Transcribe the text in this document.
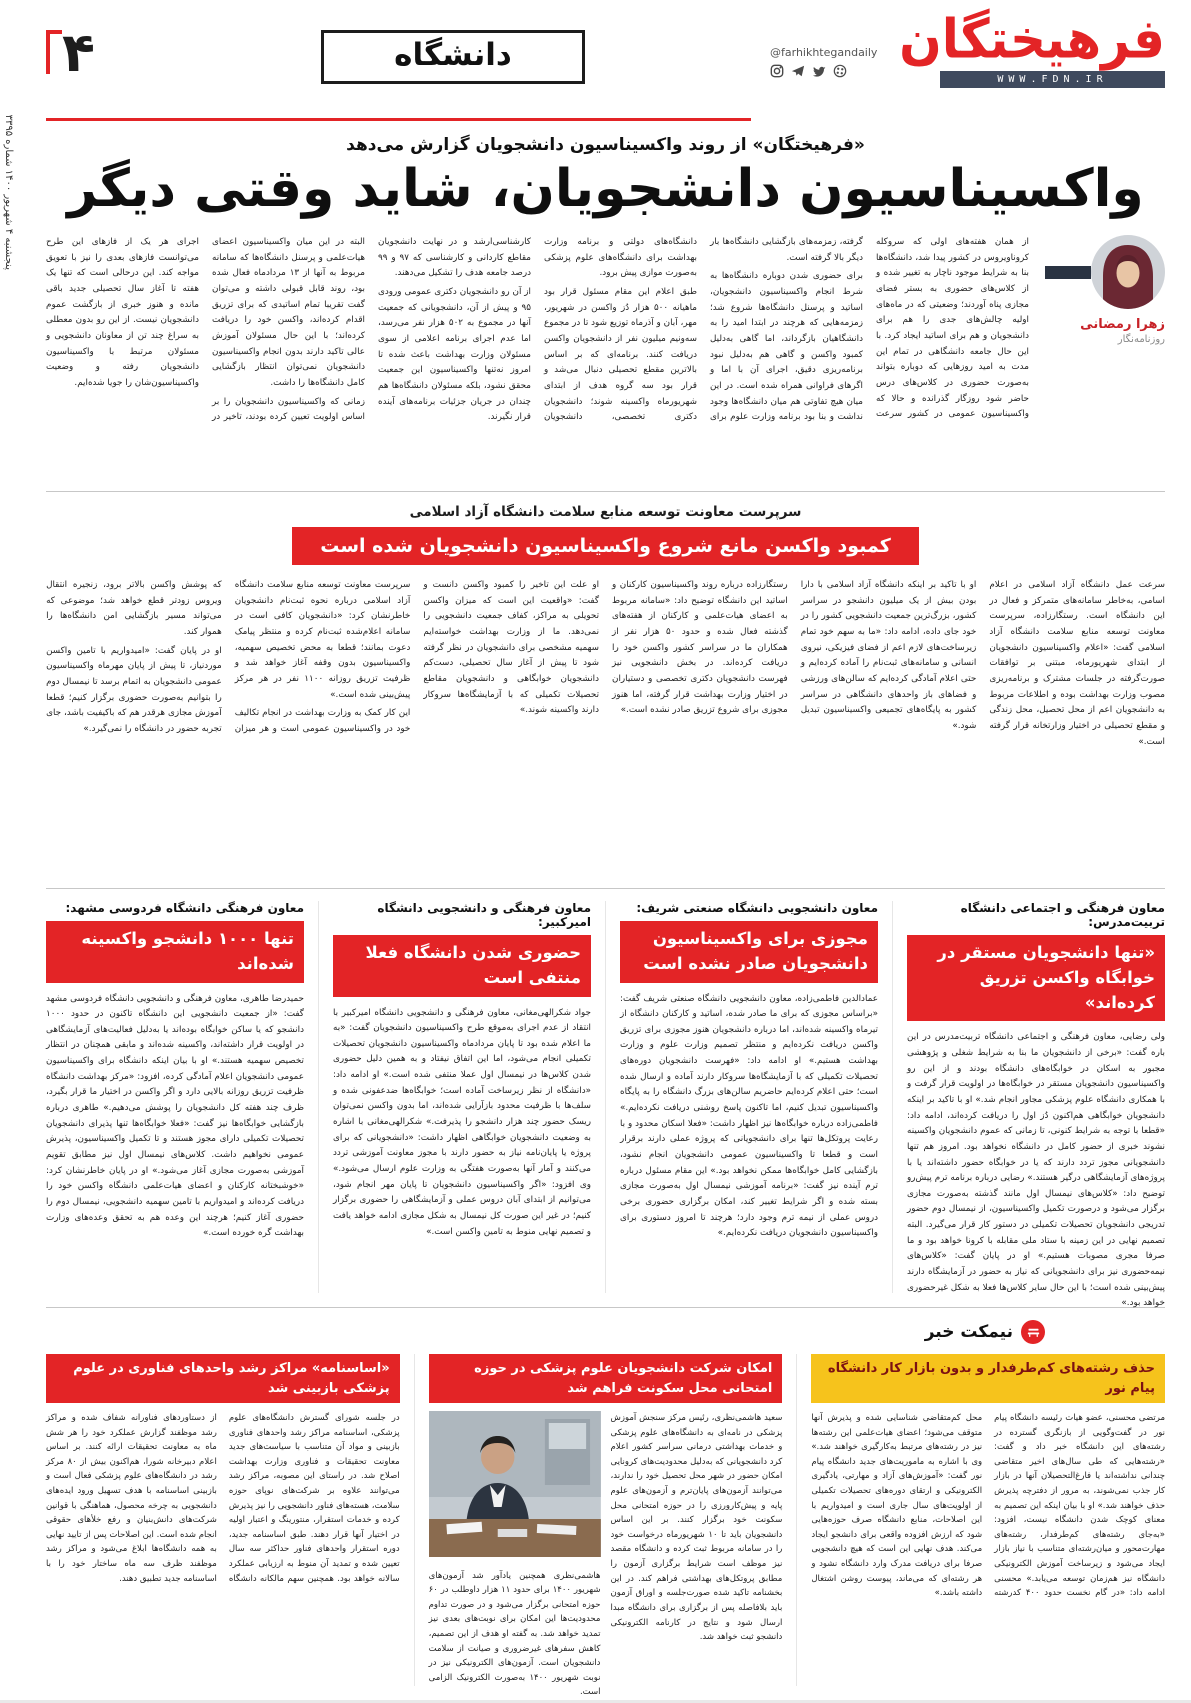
پنجشنبه ۴ شهریور ۱۴۰۰ شماره ۳۳۹۵
فرهیختگان
WWW.FDN.IR
@farhikhtegandaily
دانشگاه
۴
«فرهیختگان» از روند واکسیناسیون دانشجویان گزارش می‌دهد
واکسیناسیون دانشجویان، شاید وقتی دیگر
زهرا رمضانی
روزنامه‌نگار

از همان هفته‌های اولی که سروکله کروناویروس در کشور پیدا شد، دانشگاه‌ها بنا به شرایط موجود ناچار به تغییر شده و از کلاس‌های حضوری به بستر فضای مجازی پناه آوردند؛ وضعیتی که در ماه‌های اولیه چالش‌های جدی را هم برای دانشجویان و هم برای اساتید ایجاد کرد. با این حال جامعه دانشگاهی در تمام این مدت به امید روزهایی که دوباره بتواند به‌صورت حضوری در کلاس‌های درس حاضر شود روزگار گذرانده و حالا که واکسیناسیون عمومی در کشور سرعت گرفته، زمزمه‌های بازگشایی دانشگاه‌ها بار دیگر بالا گرفته است.

برای حضوری شدن دوباره دانشگاه‌ها به شرط انجام واکسیناسیون دانشجویان، اساتید و پرسنل دانشگاه‌ها شروع شد؛ زمزمه‌هایی که هرچند در ابتدا امید را به دانشگاهیان بازگرداند، اما گاهی به‌دلیل کمبود واکسن و گاهی هم به‌دلیل نبود برنامه‌ریزی دقیق، اجرای آن با اما و اگرهای فراوانی همراه شده است. در این میان هیچ تفاوتی هم میان دانشگاه‌ها وجود نداشت و بنا بود برنامه وزارت علوم برای دانشگاه‌های دولتی و برنامه وزارت بهداشت برای دانشگاه‌های علوم پزشکی به‌صورت موازی پیش برود.

طبق اعلام این مقام مسئول قرار بود ماهیانه ۵۰۰ هزار دُز واکسن در شهریور، مهر، آبان و آذرماه توزیع شود تا در مجموع سه‌ونیم میلیون نفر از دانشجویان واکسن دریافت کنند. برنامه‌ای که بر اساس بالاترین مقطع تحصیلی دنبال می‌شد و قرار بود سه گروه هدف از ابتدای شهریورماه واکسینه شوند؛ دانشجویان دکتری تخصصی، دانشجویان کارشناسی‌ارشد و در نهایت دانشجویان مقاطع کاردانی و کارشناسی که ۹۷ و ۹۹ درصد جامعه هدف را تشکیل می‌دهند.

از آن رو دانشجویان دکتری عمومی ورودی ۹۵ و پیش از آن، دانشجویانی که جمعیت آنها در مجموع به ۵۰۲ هزار نفر می‌رسد، اما عدم اجرای برنامه اعلامی از سوی مسئولان وزارت بهداشت باعث شده تا امروز نه‌تنها واکسیناسیون این جمعیت محقق نشود، بلکه مسئولان دانشگاه‌ها هم چندان در جریان جزئیات برنامه‌های آینده قرار نگیرند.

البته در این میان واکسیناسیون اعضای هیات‌علمی و پرسنل دانشگاه‌ها که سامانه مربوط به آنها از ۱۳ مردادماه فعال شده بود، روند قابل قبولی داشته و می‌توان گفت تقریبا تمام اساتیدی که برای تزریق اقدام کرده‌اند، واکسن خود را دریافت کرده‌اند؛ با این حال مسئولان آموزش عالی تاکید دارند بدون انجام واکسیناسیون دانشجویان نمی‌توان انتظار بازگشایی کامل دانشگاه‌ها را داشت.

زمانی که واکسیناسیون دانشجویان را بر اساس اولویت تعیین کرده بودند، تاخیر در اجرای هر یک از فازهای این طرح می‌توانست فازهای بعدی را نیز با تعویق مواجه کند. این درحالی است که تنها یک هفته تا آغاز سال تحصیلی جدید باقی مانده و هنوز خبری از بازگشت عموم دانشجویان نیست. از این رو بدون معطلی به سراغ چند تن از معاونان دانشجویی و مسئولان مرتبط با واکسیناسیون دانشجویان رفته و وضعیت واکسیناسیون‌شان را جویا شده‌ایم.

سرپرست معاونت توسعه منابع سلامت دانشگاه آزاد اسلامی
کمبود واکسن مانع شروع واکسیناسیون دانشجویان شده است

سرعت عمل دانشگاه آزاد اسلامی در اعلام اسامی، به‌خاطر سامانه‌های متمرکز و فعال در این دانشگاه است. رستگارزاده، سرپرست معاونت توسعه منابع سلامت دانشگاه آزاد اسلامی گفت: «اعلام واکسیناسیون دانشجویان از ابتدای شهریورماه، مبتنی بر توافقات صورت‌گرفته در جلسات مشترک و برنامه‌ریزی مصوب وزارت بهداشت بوده و اطلاعات مربوط به دانشجویان اعم از محل تحصیل، محل زندگی و مقطع تحصیلی در اختیار وزارتخانه قرار گرفته است.»

او با تاکید بر اینکه دانشگاه آزاد اسلامی با دارا بودن بیش از یک میلیون دانشجو در سراسر کشور، بزرگ‌ترین جمعیت دانشجویی کشور را در خود جای داده، ادامه داد: «ما به سهم خود تمام زیرساخت‌های لازم اعم از فضای فیزیکی، نیروی انسانی و سامانه‌های ثبت‌نام را آماده کرده‌ایم و حتی اعلام آمادگی کرده‌ایم که سالن‌های ورزشی و فضاهای باز واحدهای دانشگاهی در سراسر کشور به پایگاه‌های تجمیعی واکسیناسیون تبدیل شود.»

رستگارزاده درباره روند واکسیناسیون کارکنان و اساتید این دانشگاه توضیح داد: «سامانه مربوط به اعضای هیات‌علمی و کارکنان از هفته‌های گذشته فعال شده و حدود ۵۰ هزار نفر از همکاران ما در سراسر کشور واکسن خود را دریافت کرده‌اند. در بخش دانشجویی نیز فهرست دانشجویان دکتری تخصصی و دستیاران در اختیار وزارت بهداشت قرار گرفته، اما هنوز مجوزی برای شروع تزریق صادر نشده است.»

او علت این تاخیر را کمبود واکسن دانست و گفت: «واقعیت این است که میزان واکسن تحویلی به مراکز، کفاف جمعیت دانشجویی را نمی‌دهد. ما از وزارت بهداشت خواسته‌ایم سهمیه مشخصی برای دانشجویان در نظر گرفته شود تا پیش از آغاز سال تحصیلی، دست‌کم دانشجویان خوابگاهی و دانشجویان مقاطع تحصیلات تکمیلی که با آزمایشگاه‌ها سروکار دارند واکسینه شوند.»

سرپرست معاونت توسعه منابع سلامت دانشگاه آزاد اسلامی درباره نحوه ثبت‌نام دانشجویان خاطرنشان کرد: «دانشجویان کافی است در سامانه اعلام‌شده ثبت‌نام کرده و منتظر پیامک دعوت بمانند؛ قطعا به محض تخصیص سهمیه، واکسیناسیون بدون وقفه آغاز خواهد شد و ظرفیت تزریق روزانه ۱۱۰۰ نفر در هر مرکز پیش‌بینی شده است.»

این کار کمک به وزارت بهداشت در انجام تکالیف خود در واکسیناسیون عمومی است و هر میزان که پوشش واکسن بالاتر برود، زنجیره انتقال ویروس زودتر قطع خواهد شد؛ موضوعی که می‌تواند مسیر بازگشایی امن دانشگاه‌ها را هموار کند.

او در پایان گفت: «امیدواریم با تامین واکسن موردنیاز، تا پیش از پایان مهرماه واکسیناسیون عمومی دانشجویان به اتمام برسد تا نیمسال دوم را بتوانیم به‌صورت حضوری برگزار کنیم؛ قطعا آموزش مجازی هرقدر هم که باکیفیت باشد، جای تجربه حضور در دانشگاه را نمی‌گیرد.»

معاون فرهنگی و اجتماعی دانشگاه تربیت‌مدرس:
«تنها دانشجویان مستقر در خوابگاه واکسن تزریق کرده‌اند»
ولی رضایی، معاون فرهنگی و اجتماعی دانشگاه تربیت‌مدرس در این باره گفت: «برخی از دانشجویان ما بنا به شرایط شغلی و پژوهشی مجبور به اسکان در خوابگاه‌های دانشگاه بودند و از این رو واکسیناسیون دانشجویان مستقر در خوابگاه‌ها در اولویت قرار گرفت و با همکاری دانشگاه علوم پزشکی مجاور انجام شد.» او با تاکید بر اینکه دانشجویان خوابگاهی هم‌اکنون دُز اول را دریافت کرده‌اند، ادامه داد: «قطعا با توجه به شرایط کنونی، تا زمانی که عموم دانشجویان واکسینه نشوند خبری از حضور کامل در دانشگاه نخواهد بود. امروز هم تنها دانشجویانی مجوز تردد دارند که یا در خوابگاه حضور داشته‌اند یا با پروژه‌های آزمایشگاهی درگیر هستند.» رضایی درباره برنامه ترم پیش‌رو توضیح داد: «کلاس‌های نیمسال اول مانند گذشته به‌صورت مجازی برگزار می‌شود و درصورت تکمیل واکسیناسیون، از نیمسال دوم حضور تدریجی دانشجویان تحصیلات تکمیلی در دستور کار قرار می‌گیرد. البته تصمیم نهایی در این زمینه با ستاد ملی مقابله با کرونا خواهد بود و ما صرفا مجری مصوبات هستیم.» او در پایان گفت: «کلاس‌های نیمه‌حضوری نیز برای دانشجویانی که نیاز به حضور در آزمایشگاه دارند پیش‌بینی شده است؛ با این حال سایر کلاس‌ها فعلا به شکل غیرحضوری خواهد بود.»
معاون دانشجویی دانشگاه صنعتی شریف:
مجوزی برای واکسیناسیون دانشجویان صادر نشده است
عمادالدین فاطمی‌زاده، معاون دانشجویی دانشگاه صنعتی شریف گفت: «براساس مجوزی که برای ما صادر شده، اساتید و کارکنان دانشگاه از تیرماه واکسینه شده‌اند، اما درباره دانشجویان هنوز مجوزی برای تزریق واکسن دریافت نکرده‌ایم و منتظر تصمیم وزارت علوم و وزارت بهداشت هستیم.» او ادامه داد: «فهرست دانشجویان دوره‌های تحصیلات تکمیلی که با آزمایشگاه‌ها سروکار دارند آماده و ارسال شده است؛ حتی اعلام کرده‌ایم حاضریم سالن‌های بزرگ دانشگاه را به پایگاه واکسیناسیون تبدیل کنیم، اما تاکنون پاسخ روشنی دریافت نکرده‌ایم.» فاطمی‌زاده درباره خوابگاه‌ها نیز اظهار داشت: «فعلا اسکان محدود و با رعایت پروتکل‌ها تنها برای دانشجویانی که پروژه عملی دارند برقرار است و قطعا تا واکسیناسیون عمومی دانشجویان انجام نشود، بازگشایی کامل خوابگاه‌ها ممکن نخواهد بود.» این مقام مسئول درباره ترم آینده نیز گفت: «برنامه آموزشی نیمسال اول به‌صورت مجازی بسته شده و اگر شرایط تغییر کند، امکان برگزاری حضوری برخی دروس عملی از نیمه ترم وجود دارد؛ هرچند تا امروز دستوری برای واکسیناسیون دانشجویان دریافت نکرده‌ایم.»
معاون فرهنگی و دانشجویی دانشگاه امیرکبیر:
حضوری شدن دانشگاه فعلا منتفی است
جواد شکرالهی‌مغانی، معاون فرهنگی و دانشجویی دانشگاه امیرکبیر با انتقاد از عدم اجرای به‌موقع طرح واکسیناسیون دانشجویان گفت: «به ما اعلام شده بود تا پایان مردادماه واکسیناسیون دانشجویان تحصیلات تکمیلی انجام می‌شود، اما این اتفاق نیفتاد و به همین دلیل حضوری شدن کلاس‌ها در نیمسال اول عملا منتفی شده است.» او ادامه داد: «دانشگاه از نظر زیرساخت آماده است؛ خوابگاه‌ها ضدعفونی شده و سلف‌ها با ظرفیت محدود بازآرایی شده‌اند، اما بدون واکسن نمی‌توان ریسک حضور چند هزار دانشجو را پذیرفت.» شکرالهی‌مغانی با اشاره به وضعیت دانشجویان خوابگاهی اظهار داشت: «دانشجویانی که برای پروژه یا پایان‌نامه نیاز به حضور دارند با مجوز معاونت آموزشی تردد می‌کنند و آمار آنها به‌صورت هفتگی به وزارت علوم ارسال می‌شود.» وی افزود: «اگر واکسیناسیون دانشجویان تا پایان مهر انجام شود، می‌توانیم از ابتدای آبان دروس عملی و آزمایشگاهی را حضوری برگزار کنیم؛ در غیر این صورت کل نیمسال به شکل مجازی ادامه خواهد یافت و تصمیم نهایی منوط به تامین واکسن است.»
معاون فرهنگی دانشگاه فردوسی مشهد:
تنها ۱۰۰۰ دانشجو واکسینه شده‌اند
حمیدرضا طاهری، معاون فرهنگی و دانشجویی دانشگاه فردوسی مشهد گفت: «از جمعیت دانشجویی این دانشگاه تاکنون در حدود ۱۰۰۰ دانشجو که یا ساکن خوابگاه بوده‌اند یا به‌دلیل فعالیت‌های آزمایشگاهی در اولویت قرار داشته‌اند، واکسینه شده‌اند و مابقی همچنان در انتظار تخصیص سهمیه هستند.» او با بیان اینکه دانشگاه برای واکسیناسیون عمومی دانشجویان اعلام آمادگی کرده، افزود: «مرکز بهداشت دانشگاه ظرفیت تزریق روزانه بالایی دارد و اگر واکسن در اختیار ما قرار بگیرد، ظرف چند هفته کل دانشجویان را پوشش می‌دهیم.» طاهری درباره بازگشایی خوابگاه‌ها نیز گفت: «فعلا خوابگاه‌ها تنها پذیرای دانشجویان تحصیلات تکمیلی دارای مجوز هستند و تا تکمیل واکسیناسیون، پذیرش عمومی نخواهیم داشت. کلاس‌های نیمسال اول نیز مطابق تقویم آموزشی به‌صورت مجازی آغاز می‌شود.» او در پایان خاطرنشان کرد: «خوشبختانه کارکنان و اعضای هیات‌علمی دانشگاه واکسن خود را دریافت کرده‌اند و امیدواریم با تامین سهمیه دانشجویی، نیمسال دوم را حضوری آغاز کنیم؛ هرچند این وعده هم به تحقق وعده‌های وزارت بهداشت گره خورده است.»
نیمکت خبر
حذف رشته‌های کم‌طرفدار و بدون بازار کار دانشگاه پیام نور
مرتضی محسنی، عضو هیات رئیسه دانشگاه پیام نور در گفت‌وگویی از بازنگری گسترده در رشته‌های این دانشگاه خبر داد و گفت: «رشته‌هایی که طی سال‌های اخیر متقاضی چندانی نداشته‌اند یا فارغ‌التحصیلان آنها در بازار کار جذب نمی‌شوند، به مرور از دفترچه پذیرش حذف خواهند شد.» او با بیان اینکه این تصمیم به معنای کوچک شدن دانشگاه نیست، افزود: «به‌جای رشته‌های کم‌طرفدار، رشته‌های مهارت‌محور و میان‌رشته‌ای متناسب با نیاز بازار ایجاد می‌شود و زیرساخت آموزش الکترونیکی دانشگاه نیز هم‌زمان توسعه می‌یابد.» محسنی ادامه داد: «در گام نخست حدود ۴۰۰ کدرشته محل کم‌متقاضی شناسایی شده و پذیرش آنها متوقف می‌شود؛ اعضای هیات‌علمی این رشته‌ها نیز در رشته‌های مرتبط به‌کارگیری خواهند شد.» وی با اشاره به ماموریت‌های جدید دانشگاه پیام نور گفت: «آموزش‌های آزاد و مهارتی، یادگیری الکترونیکی و ارتقای دوره‌های تحصیلات تکمیلی از اولویت‌های سال جاری است و امیدواریم با این اصلاحات، منابع دانشگاه صرف حوزه‌هایی شود که ارزش افزوده واقعی برای دانشجو ایجاد می‌کند. هدف نهایی این است که هیچ دانشجویی صرفا برای دریافت مدرک وارد دانشگاه نشود و هر رشته‌ای که می‌ماند، پیوست روشن اشتغال داشته باشد.»
امکان شرکت دانشجویان علوم پزشکی در حوزه امتحانی محل سکونت فراهم شد
سعید هاشمی‌نظری، رئیس مرکز سنجش آموزش پزشکی در نامه‌ای به دانشگاه‌های علوم پزشکی و خدمات بهداشتی درمانی سراسر کشور اعلام کرد دانشجویانی که به‌دلیل محدودیت‌های کرونایی امکان حضور در شهر محل تحصیل خود را ندارند، می‌توانند آزمون‌های پایان‌ترم و آزمون‌های علوم پایه و پیش‌کارورزی را در حوزه امتحانی محل سکونت خود برگزار کنند. بر این اساس دانشجویان باید تا ۱۰ شهریورماه درخواست خود را در سامانه مربوط ثبت کرده و دانشگاه مقصد نیز موظف است شرایط برگزاری آزمون را مطابق پروتکل‌های بهداشتی فراهم کند. در این بخشنامه تاکید شده صورت‌جلسه و اوراق آزمون باید بلافاصله پس از برگزاری برای دانشگاه مبدا ارسال شود و نتایج در کارنامه الکترونیکی دانشجو ثبت خواهد شد.
هاشمی‌نظری همچنین یادآور شد آزمون‌های شهریور ۱۴۰۰ برای حدود ۱۱ هزار داوطلب در ۶۰ حوزه امتحانی برگزار می‌شود و در صورت تداوم محدودیت‌ها این امکان برای نوبت‌های بعدی نیز تمدید خواهد شد. به گفته او هدف از این تصمیم، کاهش سفرهای غیرضروری و صیانت از سلامت دانشجویان است. آزمون‌های الکترونیکی نیز در نوبت شهریور ۱۴۰۰ به‌صورت الکترونیک الزامی است.
«اساسنامه» مراکز رشد واحدهای فناوری در علوم پزشکی بازبینی شد
در جلسه شورای گسترش دانشگاه‌های علوم پزشکی، اساسنامه مراکز رشد واحدهای فناوری بازبینی و مواد آن متناسب با سیاست‌های جدید معاونت تحقیقات و فناوری وزارت بهداشت اصلاح شد. در راستای این مصوبه، مراکز رشد می‌توانند علاوه بر شرکت‌های نوپای حوزه سلامت، هسته‌های فناور دانشجویی را نیز پذیرش کرده و خدمات استقرار، منتورینگ و اعتبار اولیه در اختیار آنها قرار دهند. طبق اساسنامه جدید، دوره استقرار واحدهای فناور حداکثر سه سال تعیین شده و تمدید آن منوط به ارزیابی عملکرد سالانه خواهد بود. همچنین سهم مالکانه دانشگاه از دستاوردهای فناورانه شفاف شده و مراکز رشد موظفند گزارش عملکرد خود را هر شش ماه به معاونت تحقیقات ارائه کنند. بر اساس اعلام دبیرخانه شورا، هم‌اکنون بیش از ۸۰ مرکز رشد در دانشگاه‌های علوم پزشکی فعال است و بازبینی اساسنامه با هدف تسهیل ورود ایده‌های دانشجویی به چرخه محصول، هماهنگی با قوانین شرکت‌های دانش‌بنیان و رفع خلأهای حقوقی انجام شده است. این اصلاحات پس از تایید نهایی به همه دانشگاه‌ها ابلاغ می‌شود و مراکز رشد موظفند ظرف سه ماه ساختار خود را با اساسنامه جدید تطبیق دهند.
